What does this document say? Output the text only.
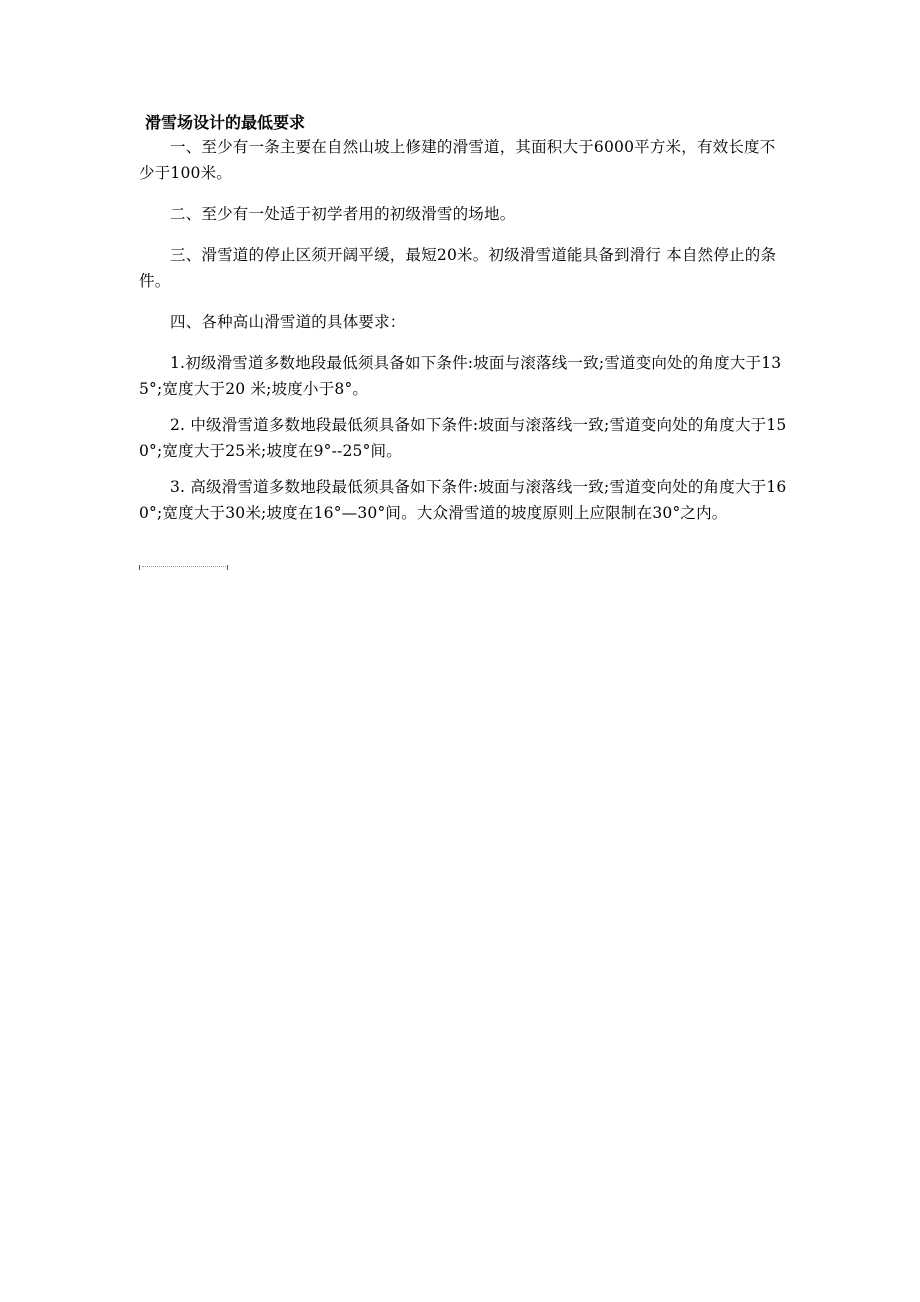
滑雪场设计的最低要求

一、至少有一条主要在自然山坡上修建的滑雪道，其面积大于6000平方米，有效长度不少于100米。

二、至少有一处适于初学者用的初级滑雪的场地。

三、滑雪道的停止区须开阔平缓，最短20米。初级滑雪道能具备到滑行 本自然停止的条件。

四、各种高山滑雪道的具体要求：

1.初级滑雪道多数地段最低须具备如下条件:坡面与滚落线一致;雪道变向处的角度大于135°;宽度大于20 米;坡度小于8°。

2. 中级滑雪道多数地段最低须具备如下条件:坡面与滚落线一致;雪道变向处的角度大于150°;宽度大于25米;坡度在9°--25°间。

3. 高级滑雪道多数地段最低须具备如下条件:坡面与滚落线一致;雪道变向处的角度大于160°;宽度大于30米;坡度在16°—30°间。大众滑雪道的坡度原则上应限制在30°之内。
